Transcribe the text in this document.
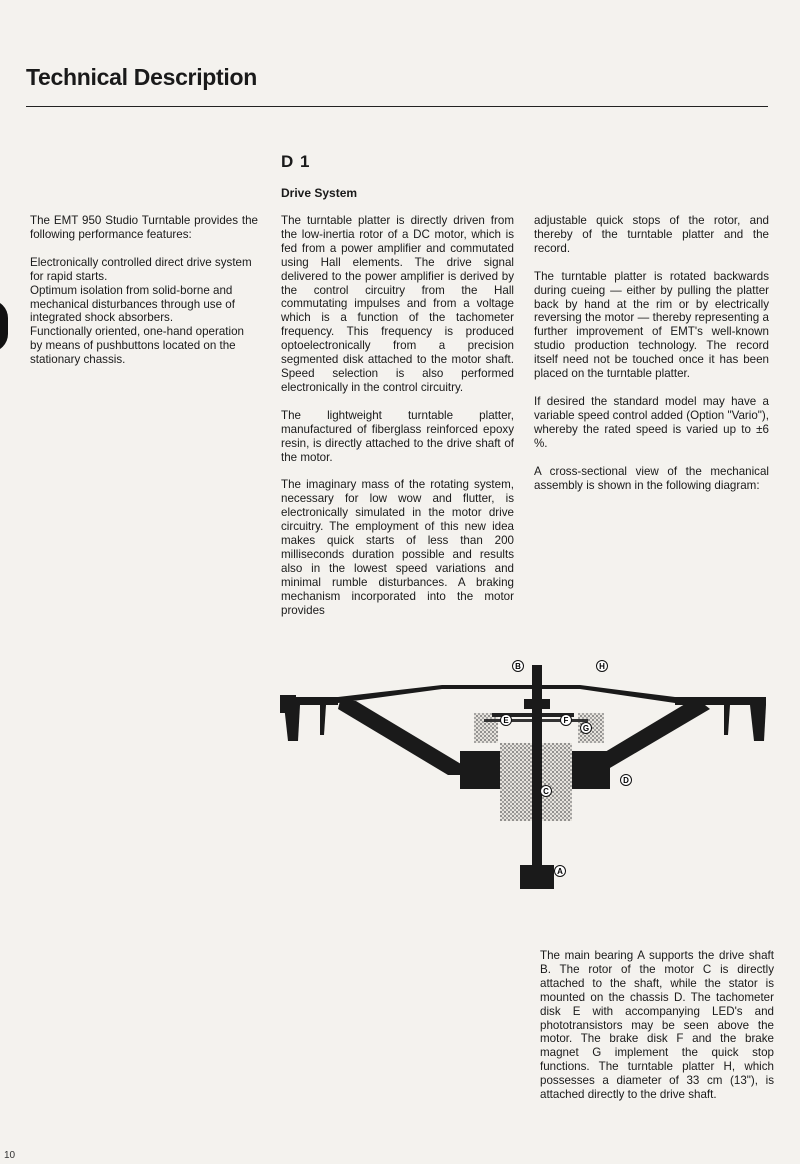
Technical Description
D 1
Drive System

The EMT 950 Studio Turntable provides the following performance features:

Electronically controlled direct drive system for rapid starts.
Optimum isolation from solid-borne and mechanical disturbances through use of integrated shock absorbers.
Functionally oriented, one-hand operation by means of pushbuttons located on the stationary chassis.

The turntable platter is directly driven from the low-inertia rotor of a DC motor, which is fed from a power amplifier and commutated using Hall elements. The drive signal delivered to the power amplifier is derived by the control circuitry from the Hall commutating impulses and from a voltage which is a function of the tachometer frequency. This frequency is produced optoelectronically from a precision segmented disk attached to the motor shaft. Speed selection is also performed electronically in the control circuitry.

The lightweight turntable platter, manufactured of fiberglass reinforced epoxy resin, is directly attached to the drive shaft of the motor.

The imaginary mass of the rotating system, necessary for low wow and flutter, is electronically simulated in the motor drive circuitry. The employment of this new idea makes quick starts of less than 200 milliseconds duration possible and results also in the lowest speed variations and minimal rumble disturbances. A braking mechanism incorporated into the motor provides

adjustable quick stops of the rotor, and thereby of the turntable platter and the record.

The turntable platter is rotated backwards during cueing — either by pulling the platter back by hand at the rim or by electrically reversing the motor — thereby representing a further improvement of EMT's well-known studio production technology. The record itself need not be touched once it has been placed on the turntable platter.

If desired the standard model may have a variable speed control added (Option "Vario"), whereby the rated speed is varied up to ±6 %.

A cross-sectional view of the mechanical assembly is shown in the following diagram:

B	H
E	F
G
D
C
A

The main bearing A supports the drive shaft B. The rotor of the motor C is directly attached to the shaft, while the stator is mounted on the chassis D. The tachometer disk E with accompanying LED's and phototransistors may be seen above the motor. The brake disk F and the brake magnet G implement the quick stop functions. The turntable platter H, which possesses a diameter of 33 cm (13"), is attached directly to the drive shaft.

10
